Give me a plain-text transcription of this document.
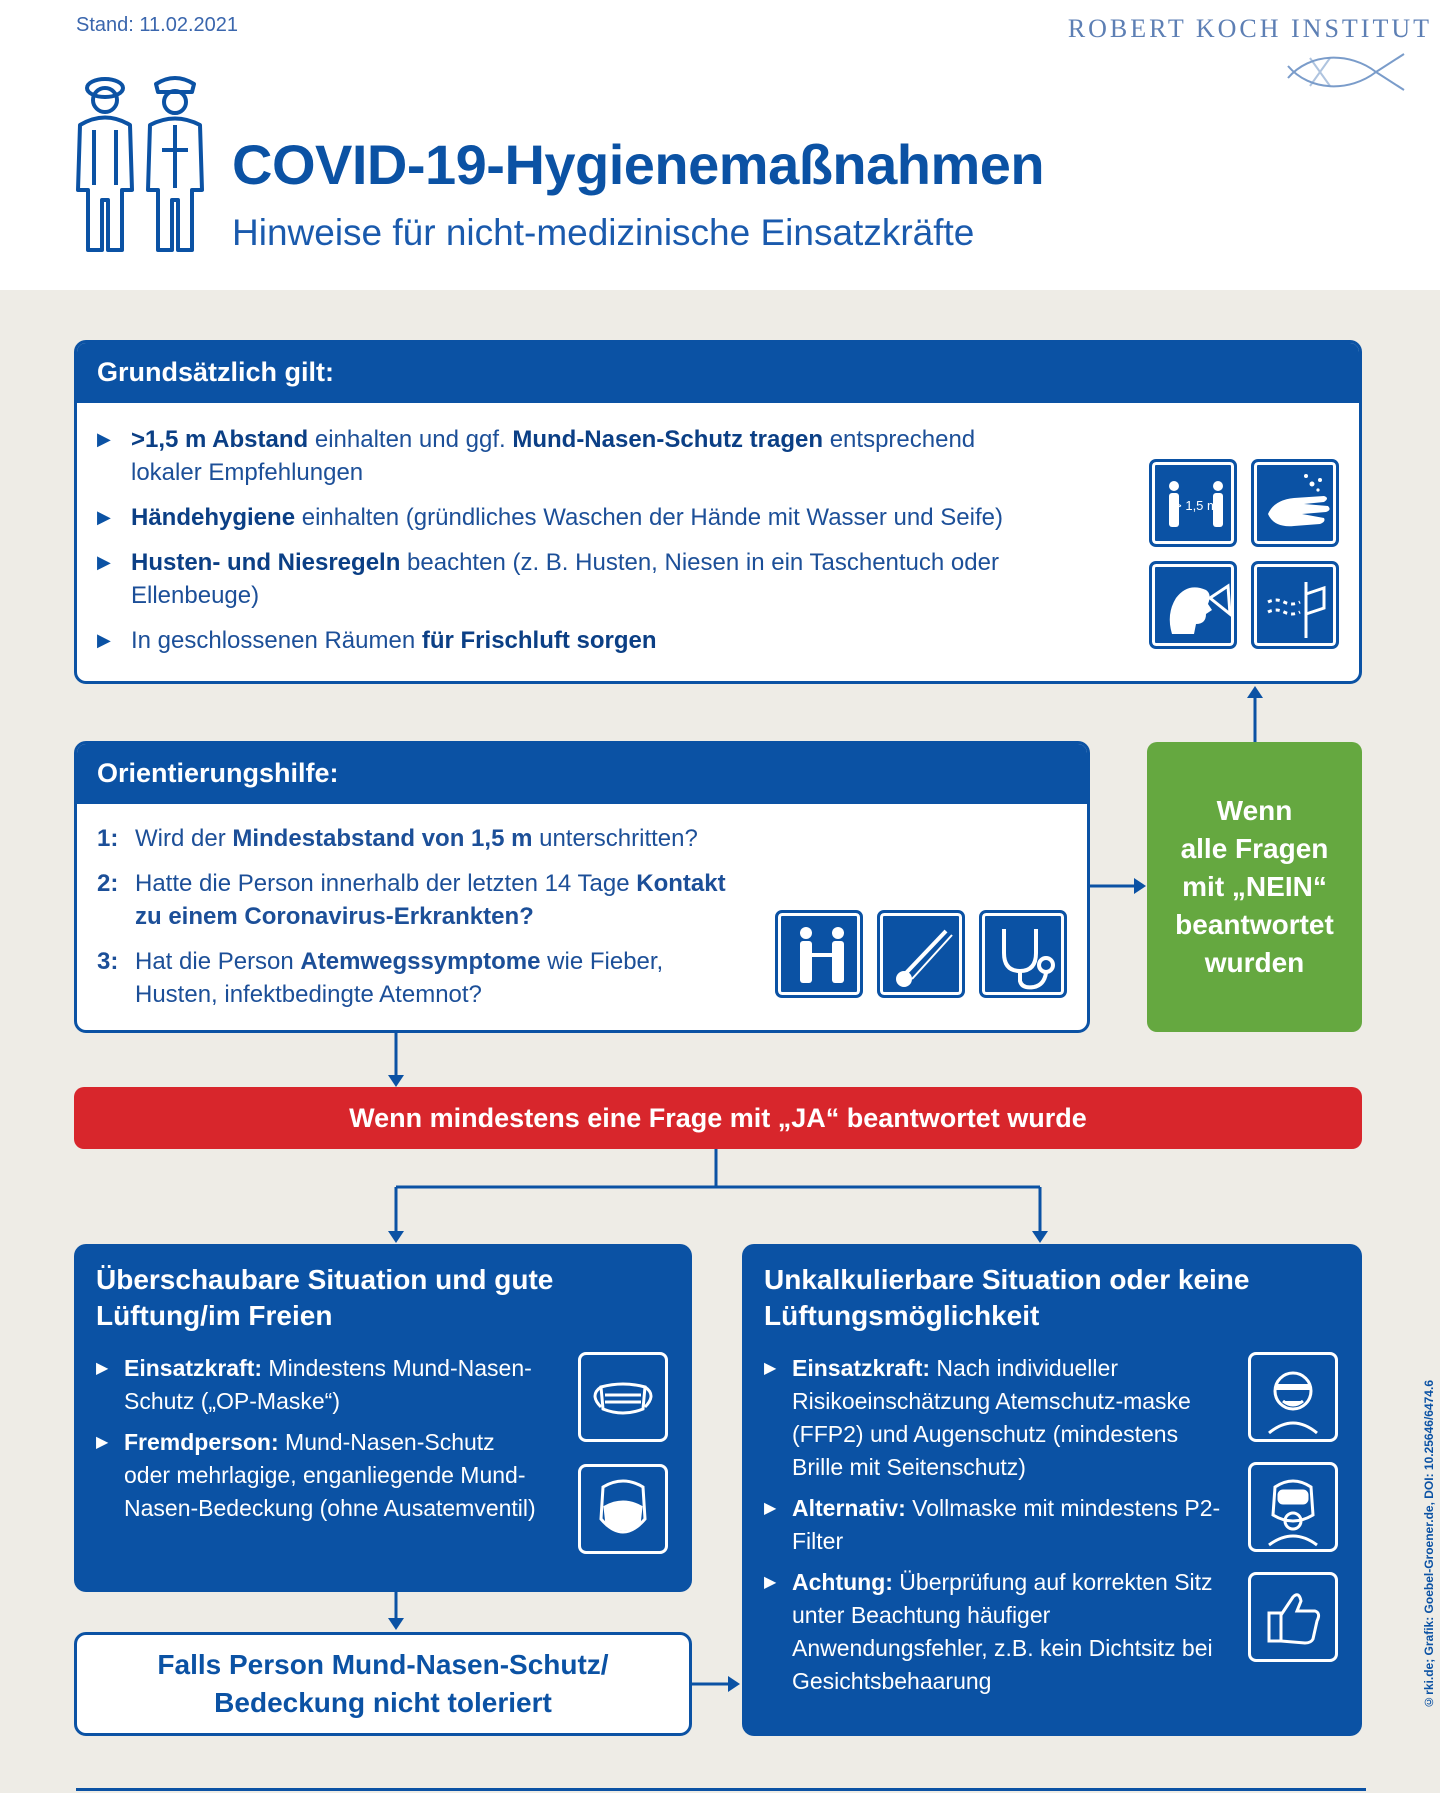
Stand: 11.02.2021	ROBERT KOCH INSTITUT
COVID-19-Hygienemaßnahmen
Hinweise für nicht-medizinische Einsatzkräfte
Grundsätzlich gilt:
▶ >1,5 m Abstand einhalten und ggf. Mund-Nasen-Schutz tragen entsprechend lokaler Empfehlungen
▶ Händehygiene einhalten (gründliches Waschen der Hände mit Wasser und Seife)
▶ Husten- und Niesregeln beachten (z. B. Husten, Niesen in ein Taschentuch oder Ellenbeuge)
▶ In geschlossenen Räumen für Frischluft sorgen
> 1,5 m
Orientierungshilfe:
1: Wird der Mindestabstand von 1,5 m unterschritten?
2: Hatte die Person innerhalb der letzten 14 Tage Kontakt zu einem Coronavirus-Erkrankten?
3: Hat die Person Atemwegssymptome wie Fieber, Husten, infektbedingte Atemnot?
Wenn
alle Fragen
mit „NEIN“
beantwortet
wurden
Wenn mindestens eine Frage mit „JA“ beantwortet wurde
Überschaubare Situation und gute Lüftung/im Freien
▶ Einsatzkraft: Mindestens Mund-Nasen-Schutz („OP-Maske“)
▶ Fremdperson: Mund-Nasen-Schutz oder mehrlagige, enganliegende Mund-Nasen-Bedeckung (ohne Ausatemventil)
Falls Person Mund-Nasen-Schutz/
Bedeckung nicht toleriert
Unkalkulierbare Situation oder keine Lüftungsmöglichkeit
▶ Einsatzkraft: Nach individueller Risikoeinschätzung Atemschutz-maske (FFP2) und Augenschutz (mindestens Brille mit Seitenschutz)
▶ Alternativ: Vollmaske mit mindestens P2-Filter
▶ Achtung: Überprüfung auf korrekten Sitz unter Beachtung häufiger Anwendungsfehler, z.B. kein Dichtsitz bei Gesichtsbehaarung	©rki.de; Grafik: Goebel-Groener.de, DOI: 10.25646/6474.6
